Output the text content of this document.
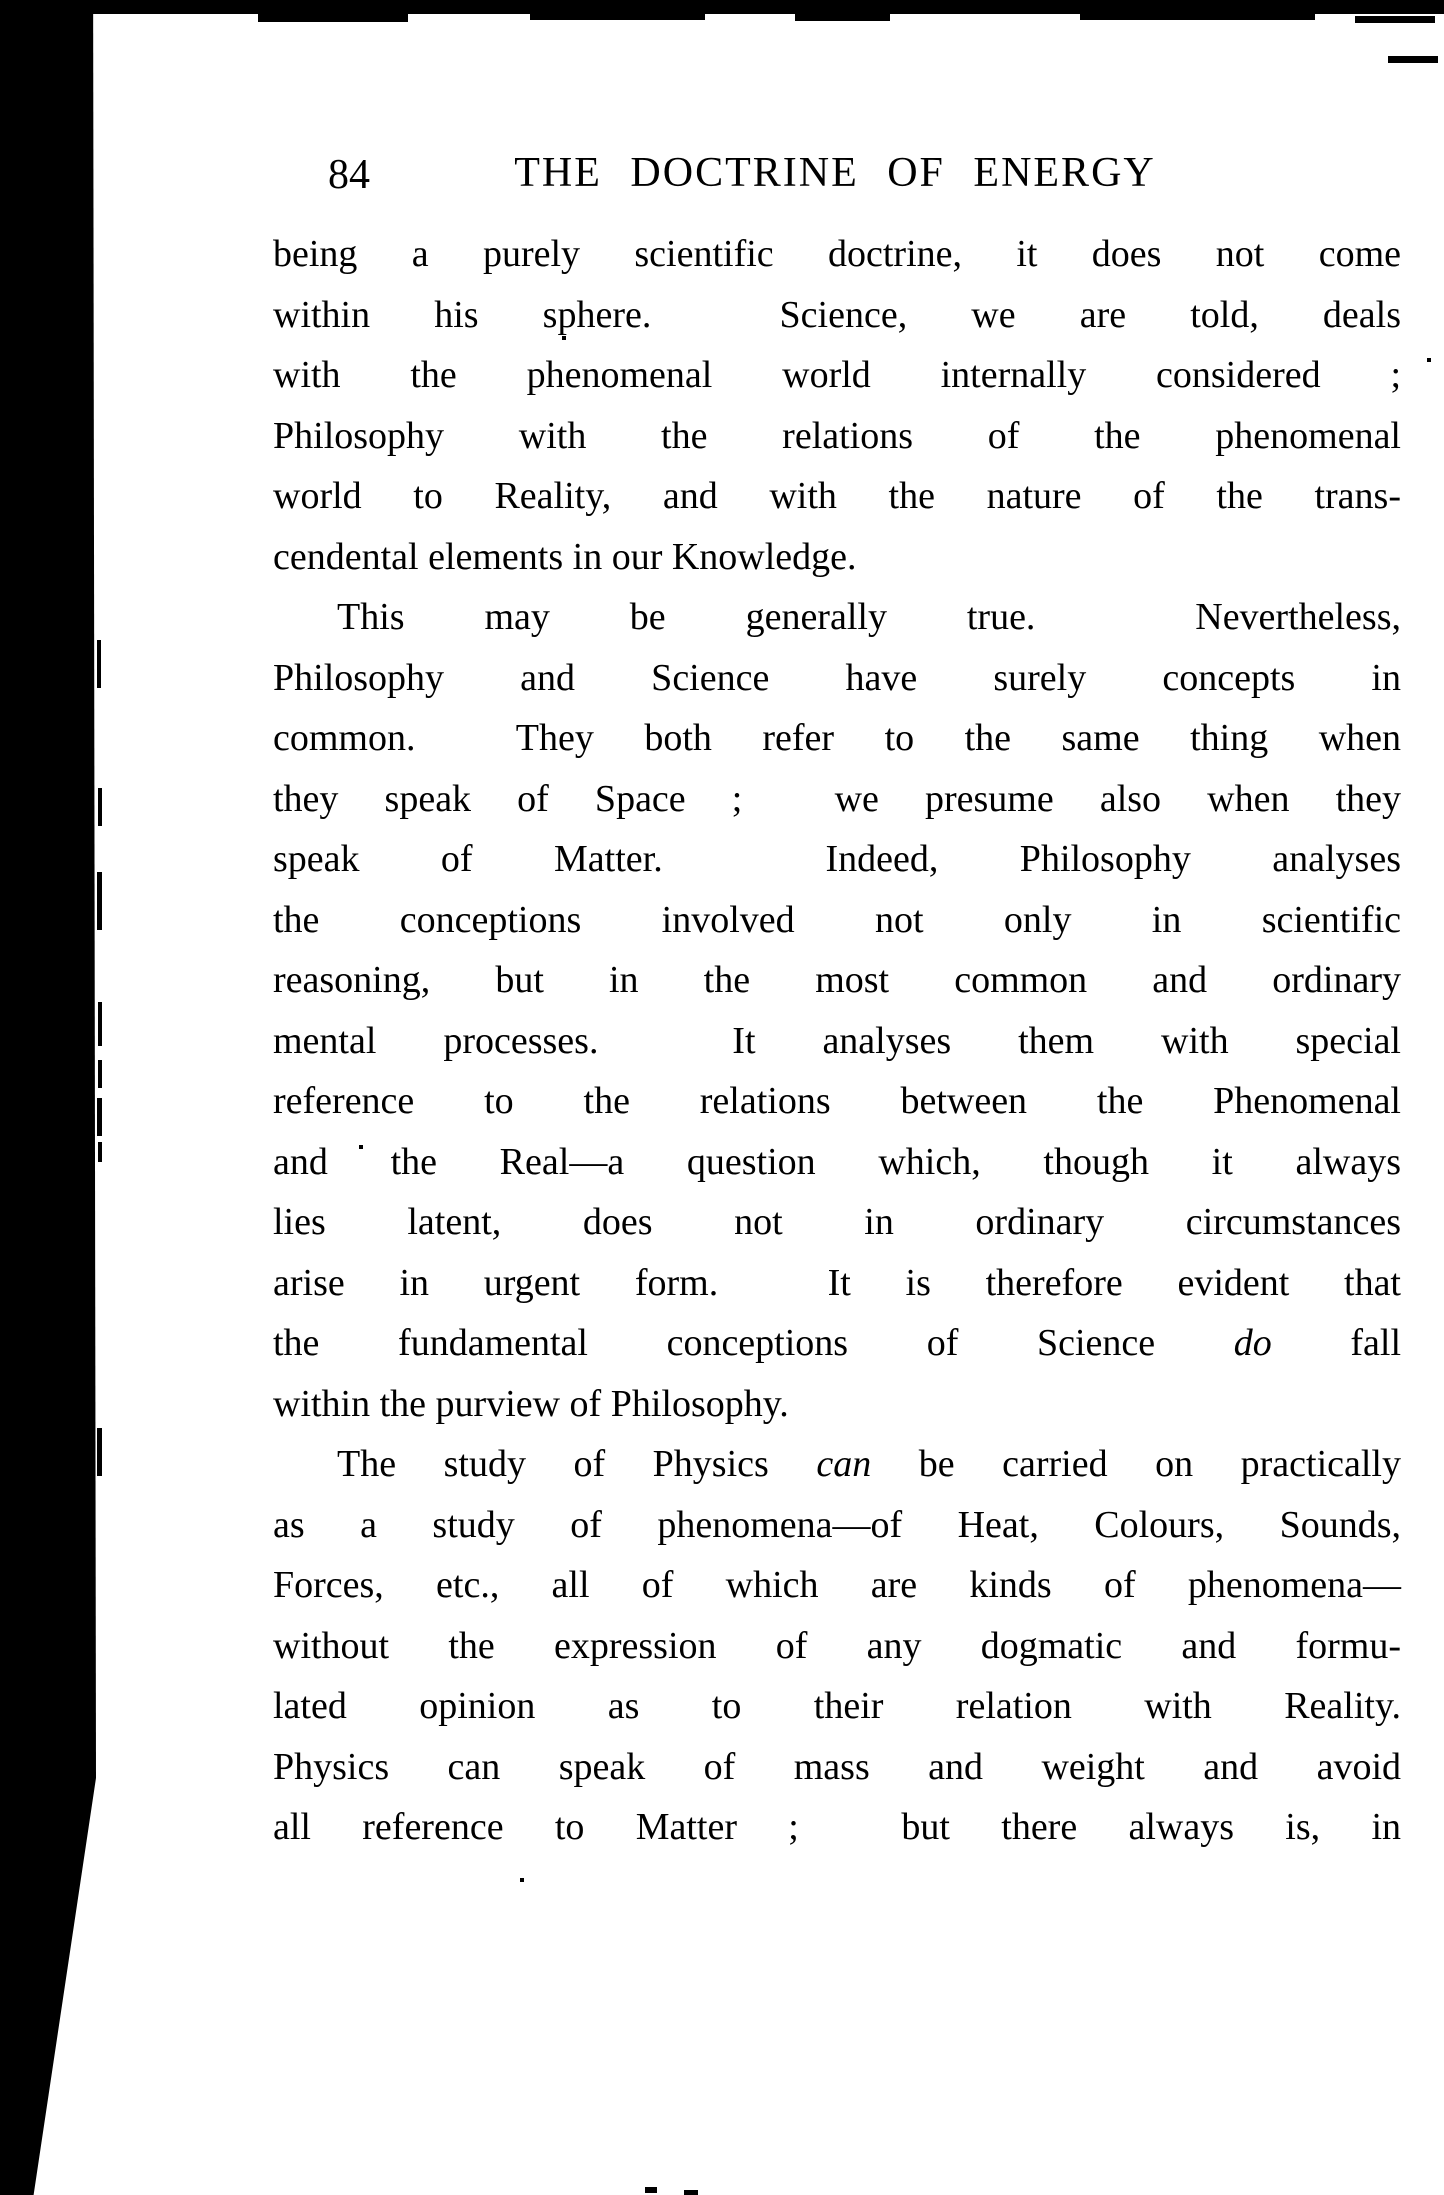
84	THE DOCTRINE OF ENERGY
being a purely scientific doctrine, it does not come
within his sphere.  Science, we are told, deals
with the phenomenal world internally considered ;
Philosophy with the relations of the phenomenal
world to Reality, and with the nature of the trans-
cendental elements in our Knowledge.
This may be generally true.  Nevertheless,
Philosophy and Science have surely concepts in
common.  They both refer to the same thing when
they speak of Space ;  we presume also when they
speak of Matter.  Indeed, Philosophy analyses
the conceptions involved not only in scientific
reasoning, but in the most common and ordinary
mental processes.  It analyses them with special
reference to the relations between the Phenomenal
and the Real—a question which, though it always
lies latent, does not in ordinary circumstances
arise in urgent form.  It is therefore evident that
the fundamental conceptions of Science do fall
within the purview of Philosophy.
The study of Physics can be carried on practically
as a study of phenomena—of Heat, Colours, Sounds,
Forces, etc., all of which are kinds of phenomena—
without the expression of any dogmatic and formu-
lated opinion as to their relation with Reality.
Physics can speak of mass and weight and avoid
all reference to Matter ;  but there always is, in
